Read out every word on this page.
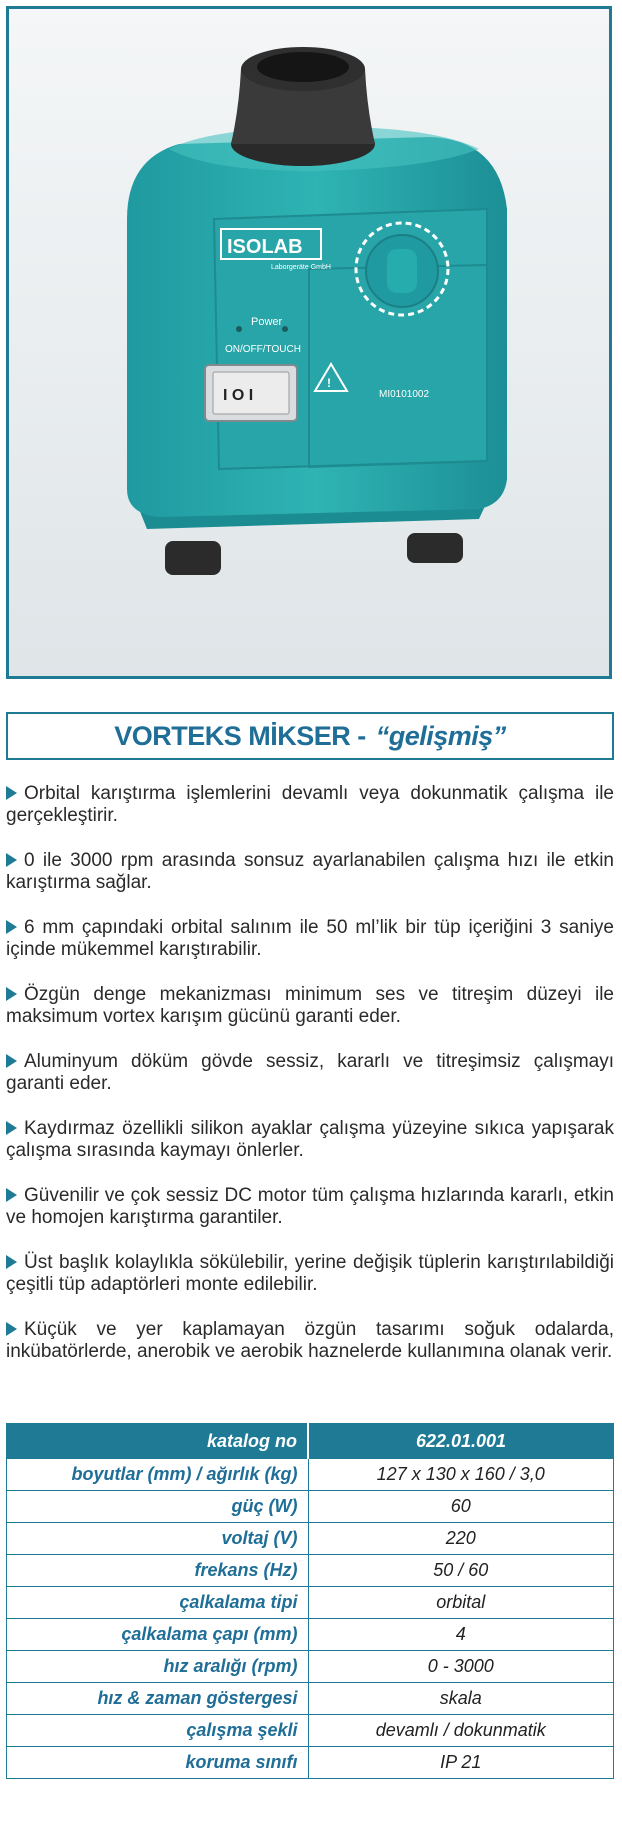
ISOLAB
Laborgeräte GmbH
Power
ON/OFF/TOUCH
I O I
!
MI0101002
VORTEKS MİKSER - “gelişmiş”
Orbital karıştırma işlemlerini devamlı veya dokunmatik çalışma ile gerçekleştirir.
0 ile 3000 rpm arasında sonsuz ayarlanabilen çalışma hızı ile etkin karıştırma sağlar.
6 mm çapındaki orbital salınım ile 50 ml’lik bir tüp içeriğini 3 saniye içinde mükemmel karıştırabilir.
Özgün denge mekanizması minimum ses ve titreşim düzeyi ile maksimum vortex karışım gücünü garanti eder.
Aluminyum döküm gövde sessiz, kararlı ve titreşimsiz çalışmayı garanti eder.
Kaydırmaz özellikli silikon ayaklar çalışma yüzeyine sıkıca yapışarak çalışma sırasında kaymayı önlerler.
Güvenilir ve çok sessiz DC motor tüm çalışma hızlarında kararlı, etkin ve homojen karıştırma garantiler.
Üst başlık kolaylıkla sökülebilir, yerine değişik tüplerin karıştırılabildiği çeşitli tüp adaptörleri monte edilebilir.
Küçük ve yer kaplamayan özgün tasarımı soğuk odalarda, inkübatörlerde, anerobik ve aerobik haznelerde kullanımına olanak verir.
katalog no	622.01.001
boyutlar (mm) / ağırlık (kg)	127 x 130 x 160 / 3,0
güç (W)	60
voltaj (V)	220
frekans (Hz)	50 / 60
çalkalama tipi	orbital
çalkalama çapı (mm)	4
hız aralığı (rpm)	0 - 3000
hız & zaman göstergesi	skala
çalışma şekli	devamlı / dokunmatik
koruma sınıfı	IP 21
